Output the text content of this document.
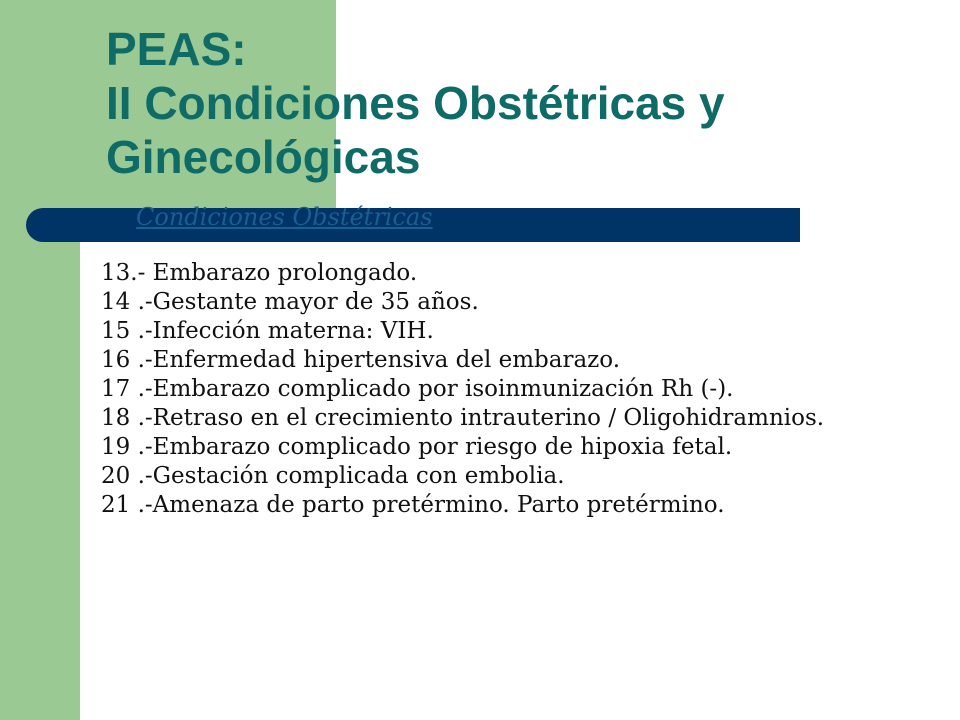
PEAS:
II Condiciones Obstétricas y
Ginecológicas
Condiciones Obstétricas
13.- Embarazo prolongado.
14 .-Gestante mayor de 35 años.
15 .-Infección materna: VIH.
16 .-Enfermedad hipertensiva del embarazo.
17 .-Embarazo complicado por isoinmunización Rh (-).
18 .-Retraso en el crecimiento intrauterino / Oligohidramnios.
19 .-Embarazo complicado por riesgo de hipoxia fetal.
20 .-Gestación complicada con embolia.
21 .-Amenaza de parto pretérmino. Parto pretérmino.
